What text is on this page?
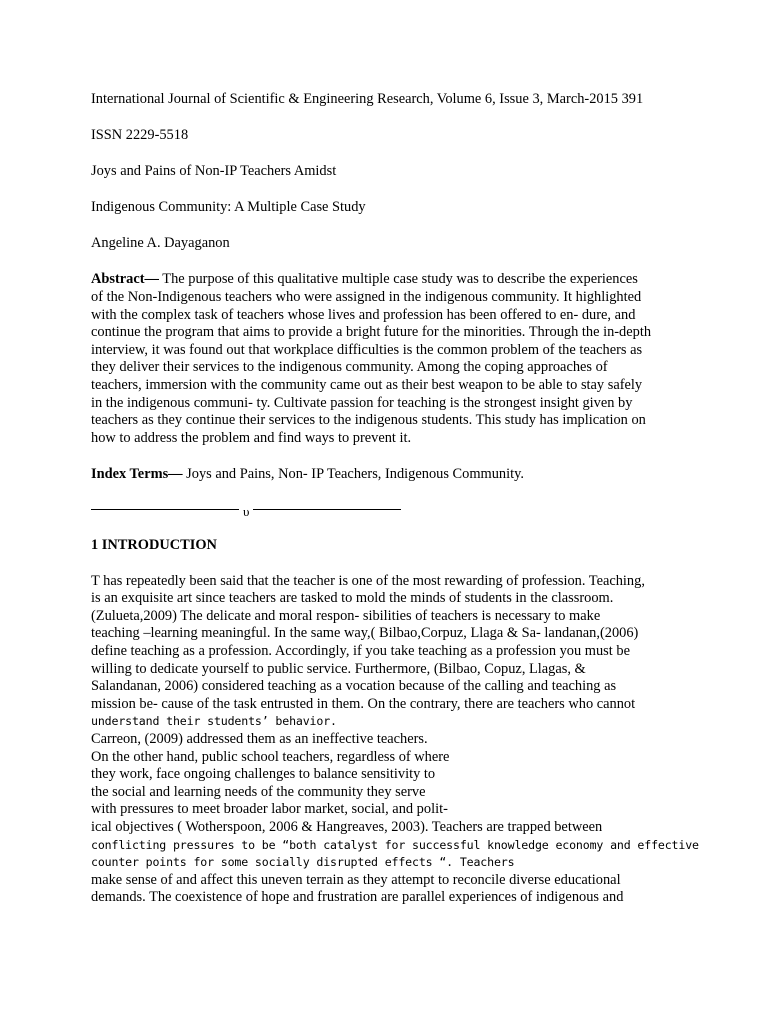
International Journal of Scientific & Engineering Research, Volume 6, Issue 3, March-2015 391
ISSN 2229-5518
Joys and Pains of Non-IP Teachers Amidst
Indigenous Community: A Multiple Case Study
Angeline A. Dayaganon
Abstract— The purpose of this qualitative multiple case study was to describe the experiences
of the Non-Indigenous teachers who were assigned in the indigenous community. It highlighted
with the complex task of teachers whose lives and profession has been offered to en- dure, and
continue the program that aims to provide a bright future for the minorities. Through the in-depth
interview, it was found out that workplace difficulties is the common problem of the teachers as
they deliver their services to the indigenous community. Among the coping approaches of
teachers, immersion with the community came out as their best weapon to be able to stay safely
in the indigenous communi- ty. Cultivate passion for teaching is the strongest insight given by
teachers as they continue their services to the indigenous students. This study has implication on
how to address the problem and find ways to prevent it.
Index Terms— Joys and Pains, Non- IP Teachers, Indigenous Community.
υ
1 INTRODUCTION
T has repeatedly been said that the teacher is one of the most rewarding of profession. Teaching,
is an exquisite art since teachers are tasked to mold the minds of students in the classroom.
(Zulueta,2009) The delicate and moral respon- sibilities of teachers is necessary to make
teaching –learning meaningful. In the same way,( Bilbao,Corpuz, Llaga & Sa- landanan,(2006)
define teaching as a profession. Accordingly, if you take teaching as a profession you must be
willing to dedicate yourself to public service. Furthermore, (Bilbao, Copuz, Llagas, &
Salandanan, 2006) considered teaching as a vocation because of the calling and teaching as
mission be- cause of the task entrusted in them. On the contrary, there are teachers who cannot
understand their students’ behavior.
Carreon, (2009) addressed them as an ineffective teachers.
On the other hand, public school teachers, regardless of where
they work, face ongoing challenges to balance sensitivity to
the social and learning needs of the community they serve
with pressures to meet broader labor market, social, and polit-
ical objectives ( Wotherspoon, 2006 & Hangreaves, 2003). Teachers are trapped between
conflicting pressures to be “both catalyst for successful knowledge economy and effective
counter points for some socially disrupted effects “. Teachers
make sense of and affect this uneven terrain as they attempt to reconcile diverse educational
demands. The coexistence of hope and frustration are parallel experiences of indigenous and
